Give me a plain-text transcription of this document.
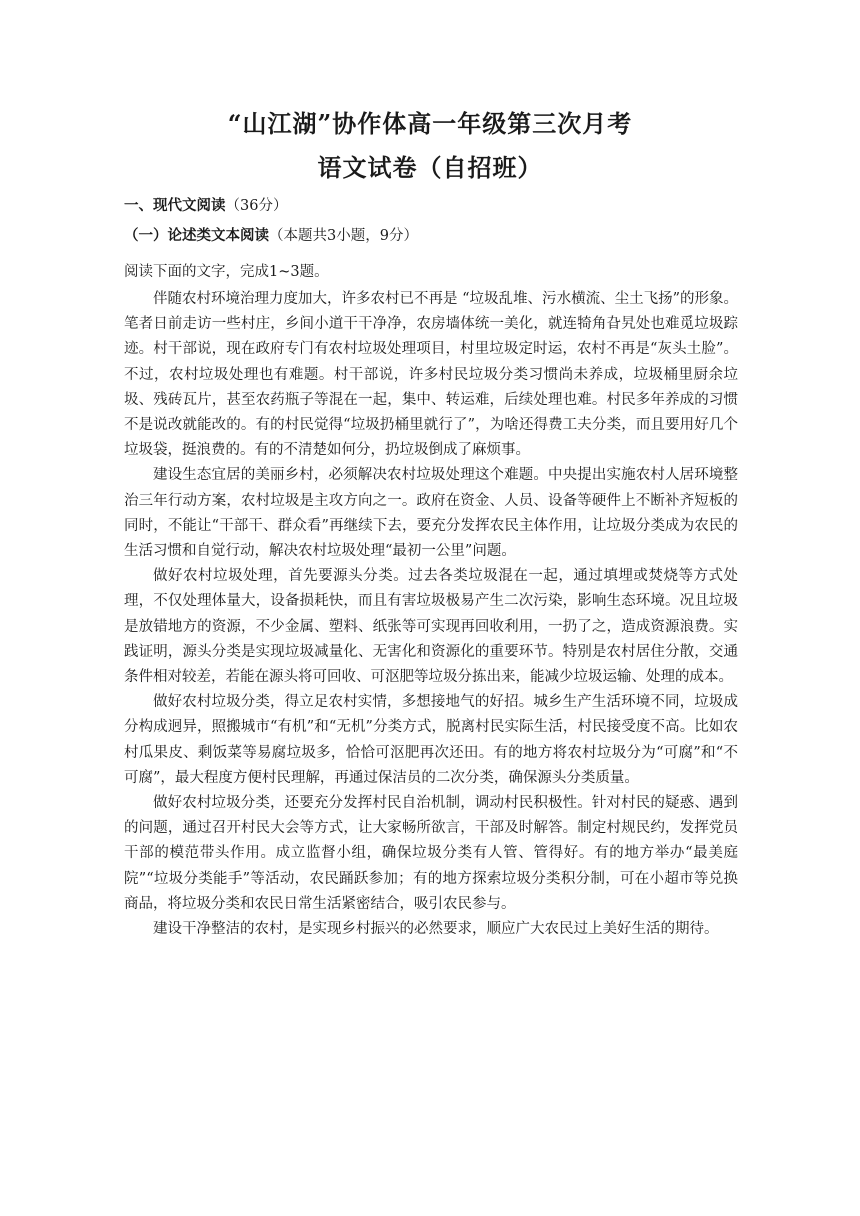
“山江湖”协作体高一年级第三次月考
语文试卷（自招班）
一、现代文阅读（36分）
（一）论述类文本阅读（本题共3小题，9分）
阅读下面的文字，完成1~3题。

伴随农村环境治理力度加大，许多农村已不再是 “垃圾乱堆、污水横流、尘土飞扬”的形象。笔者日前走访一些村庄，乡间小道干干净净，农房墙体统一美化，就连犄角旮旯处也难觅垃圾踪迹。村干部说，现在政府专门有农村垃圾处理项目，村里垃圾定时运，农村不再是“灰头土脸”。不过，农村垃圾处理也有难题。村干部说，许多村民垃圾分类习惯尚未养成，垃圾桶里厨余垃圾、残砖瓦片，甚至农药瓶子等混在一起，集中、转运难，后续处理也难。村民多年养成的习惯不是说改就能改的。有的村民觉得“垃圾扔桶里就行了”，为啥还得费工夫分类，而且要用好几个垃圾袋，挺浪费的。有的不清楚如何分，扔垃圾倒成了麻烦事。

建设生态宜居的美丽乡村，必须解决农村垃圾处理这个难题。中央提出实施农村人居环境整治三年行动方案，农村垃圾是主攻方向之一。政府在资金、人员、设备等硬件上不断补齐短板的同时，不能让“干部干、群众看”再继续下去，要充分发挥农民主体作用，让垃圾分类成为农民的生活习惯和自觉行动，解决农村垃圾处理“最初一公里”问题。

做好农村垃圾处理，首先要源头分类。过去各类垃圾混在一起，通过填埋或焚烧等方式处理，不仅处理体量大，设备损耗快，而且有害垃圾极易产生二次污染，影响生态环境。况且垃圾是放错地方的资源，不少金属、塑料、纸张等可实现再回收利用，一扔了之，造成资源浪费。实践证明，源头分类是实现垃圾减量化、无害化和资源化的重要环节。特别是农村居住分散，交通条件相对较差，若能在源头将可回收、可沤肥等垃圾分拣出来，能减少垃圾运输、处理的成本。

做好农村垃圾分类，得立足农村实情，多想接地气的好招。城乡生产生活环境不同，垃圾成分构成迥异，照搬城市“有机”和“无机”分类方式，脱离村民实际生活，村民接受度不高。比如农村瓜果皮、剩饭菜等易腐垃圾多，恰恰可沤肥再次还田。有的地方将农村垃圾分为“可腐”和“不可腐”，最大程度方便村民理解，再通过保洁员的二次分类，确保源头分类质量。

做好农村垃圾分类，还要充分发挥村民自治机制，调动村民积极性。针对村民的疑惑、遇到的问题，通过召开村民大会等方式，让大家畅所欲言，干部及时解答。制定村规民约，发挥党员干部的模范带头作用。成立监督小组，确保垃圾分类有人管、管得好。有的地方举办“最美庭院”“垃圾分类能手”等活动，农民踊跃参加；有的地方探索垃圾分类积分制，可在小超市等兑换商品，将垃圾分类和农民日常生活紧密结合，吸引农民参与。

建设干净整洁的农村，是实现乡村振兴的必然要求，顺应广大农民过上美好生活的期待。
